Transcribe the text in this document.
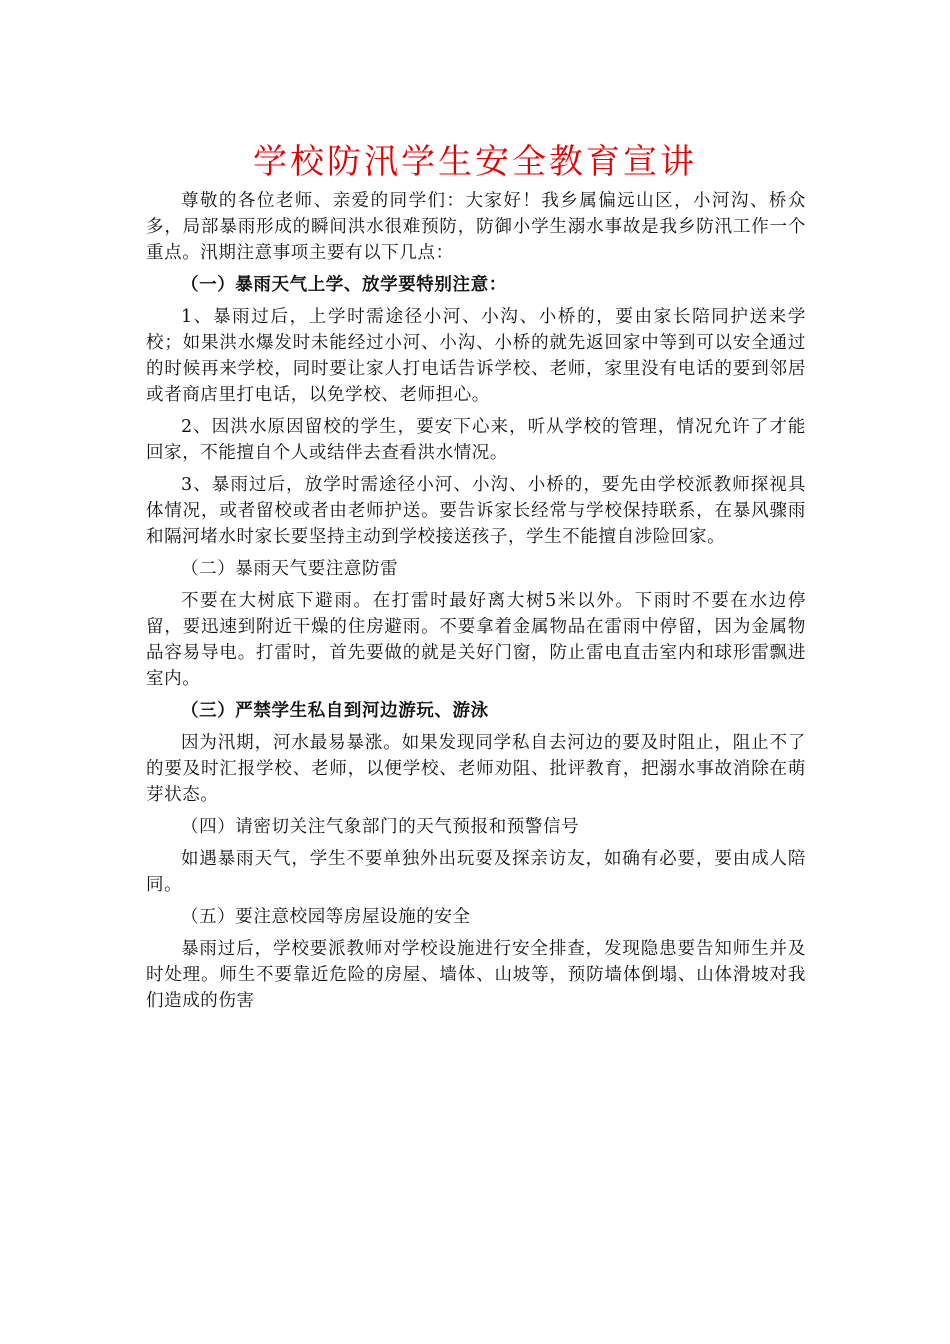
学校防汛学生安全教育宣讲

尊敬的各位老师、亲爱的同学们：大家好！我乡属偏远山区，小河沟、桥众多，局部暴雨形成的瞬间洪水很难预防，防御小学生溺水事故是我乡防汛工作一个重点。汛期注意事项主要有以下几点：

（一）暴雨天气上学、放学要特别注意：

1、暴雨过后，上学时需途径小河、小沟、小桥的，要由家长陪同护送来学校；如果洪水爆发时未能经过小河、小沟、小桥的就先返回家中等到可以安全通过的时候再来学校，同时要让家人打电话告诉学校、老师，家里没有电话的要到邻居或者商店里打电话，以免学校、老师担心。

2、因洪水原因留校的学生，要安下心来，听从学校的管理，情况允许了才能回家，不能擅自个人或结伴去查看洪水情况。

3、暴雨过后，放学时需途径小河、小沟、小桥的，要先由学校派教师探视具体情况，或者留校或者由老师护送。要告诉家长经常与学校保持联系，在暴风骤雨和隔河堵水时家长要坚持主动到学校接送孩子，学生不能擅自涉险回家。

（二）暴雨天气要注意防雷

不要在大树底下避雨。在打雷时最好离大树5米以外。下雨时不要在水边停留，要迅速到附近干燥的住房避雨。不要拿着金属物品在雷雨中停留，因为金属物品容易导电。打雷时，首先要做的就是关好门窗，防止雷电直击室内和球形雷飘进室内。

（三）严禁学生私自到河边游玩、游泳

因为汛期，河水最易暴涨。如果发现同学私自去河边的要及时阻止，阻止不了的要及时汇报学校、老师，以便学校、老师劝阻、批评教育，把溺水事故消除在萌芽状态。

（四）请密切关注气象部门的天气预报和预警信号

如遇暴雨天气，学生不要单独外出玩耍及探亲访友，如确有必要，要由成人陪同。

（五）要注意校园等房屋设施的安全

暴雨过后，学校要派教师对学校设施进行安全排查，发现隐患要告知师生并及时处理。师生不要靠近危险的房屋、墙体、山坡等，预防墙体倒塌、山体滑坡对我们造成的伤害
